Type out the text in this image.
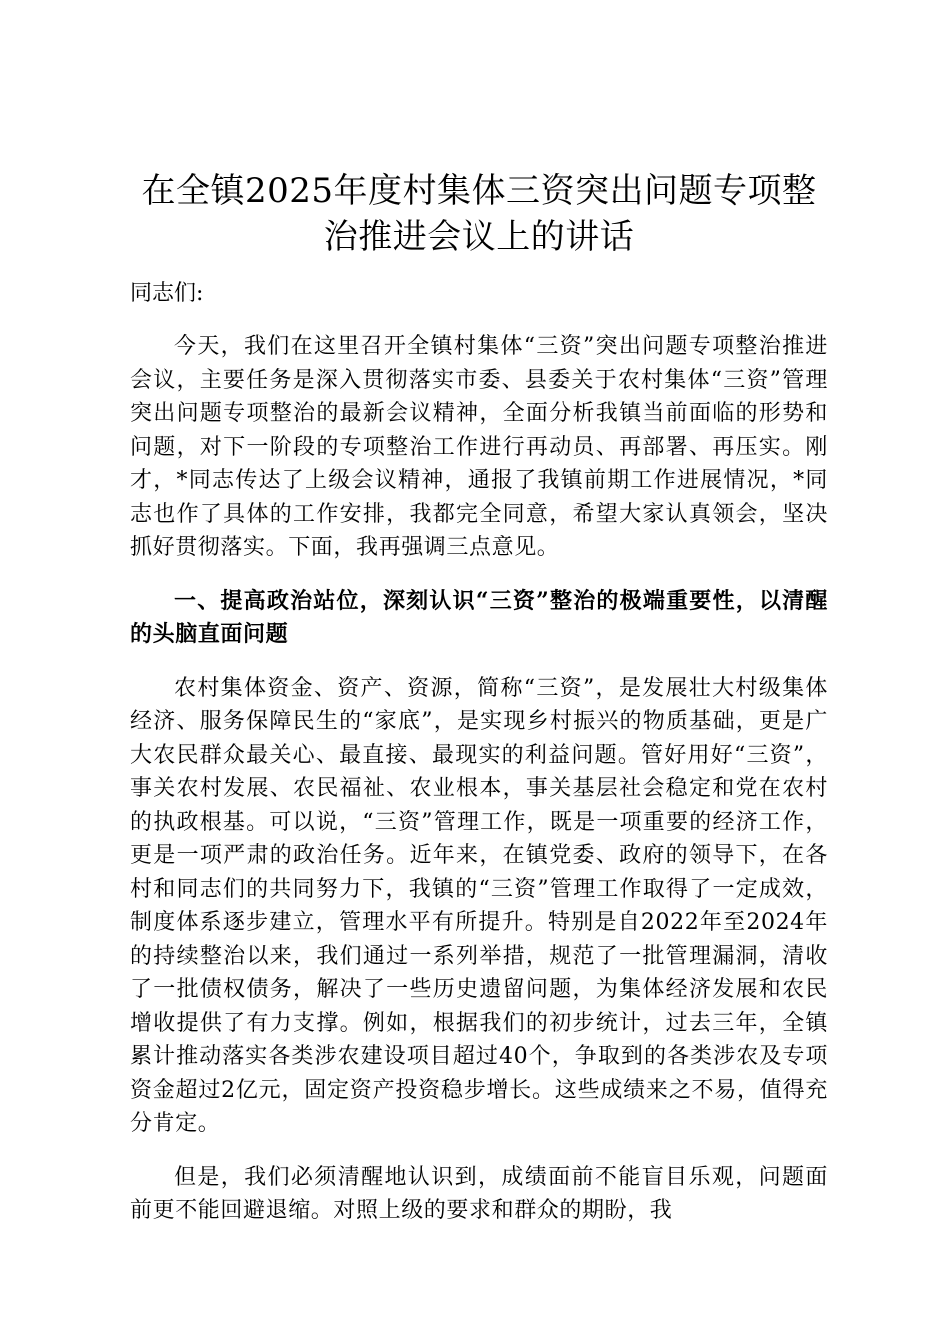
在全镇2025年度村集体三资突出问题专项整治推进会议上的讲话

同志们:

今天，我们在这里召开全镇村集体“三资”突出问题专项整治推进会议，主要任务是深入贯彻落实市委、县委关于农村集体“三资”管理突出问题专项整治的最新会议精神，全面分析我镇当前面临的形势和问题，对下一阶段的专项整治工作进行再动员、再部署、再压实。刚才，*同志传达了上级会议精神，通报了我镇前期工作进展情况，*同志也作了具体的工作安排，我都完全同意，希望大家认真领会，坚决抓好贯彻落实。下面，我再强调三点意见。

一、提高政治站位，深刻认识“三资”整治的极端重要性，以清醒的头脑直面问题

农村集体资金、资产、资源，简称“三资”，是发展壮大村级集体经济、服务保障民生的“家底”，是实现乡村振兴的物质基础，更是广大农民群众最关心、最直接、最现实的利益问题。管好用好“三资”，事关农村发展、农民福祉、农业根本，事关基层社会稳定和党在农村的执政根基。可以说，“三资”管理工作，既是一项重要的经济工作，更是一项严肃的政治任务。近年来，在镇党委、政府的领导下，在各村和同志们的共同努力下，我镇的“三资”管理工作取得了一定成效，制度体系逐步建立，管理水平有所提升。特别是自2022年至2024年的持续整治以来，我们通过一系列举措，规范了一批管理漏洞，清收了一批债权债务，解决了一些历史遗留问题，为集体经济发展和农民增收提供了有力支撑。例如，根据我们的初步统计，过去三年，全镇累计推动落实各类涉农建设项目超过40个，争取到的各类涉农及专项资金超过2亿元，固定资产投资稳步增长。这些成绩来之不易，值得充分肯定。

但是，我们必须清醒地认识到，成绩面前不能盲目乐观，问题面前更不能回避退缩。对照上级的要求和群众的期盼，我
